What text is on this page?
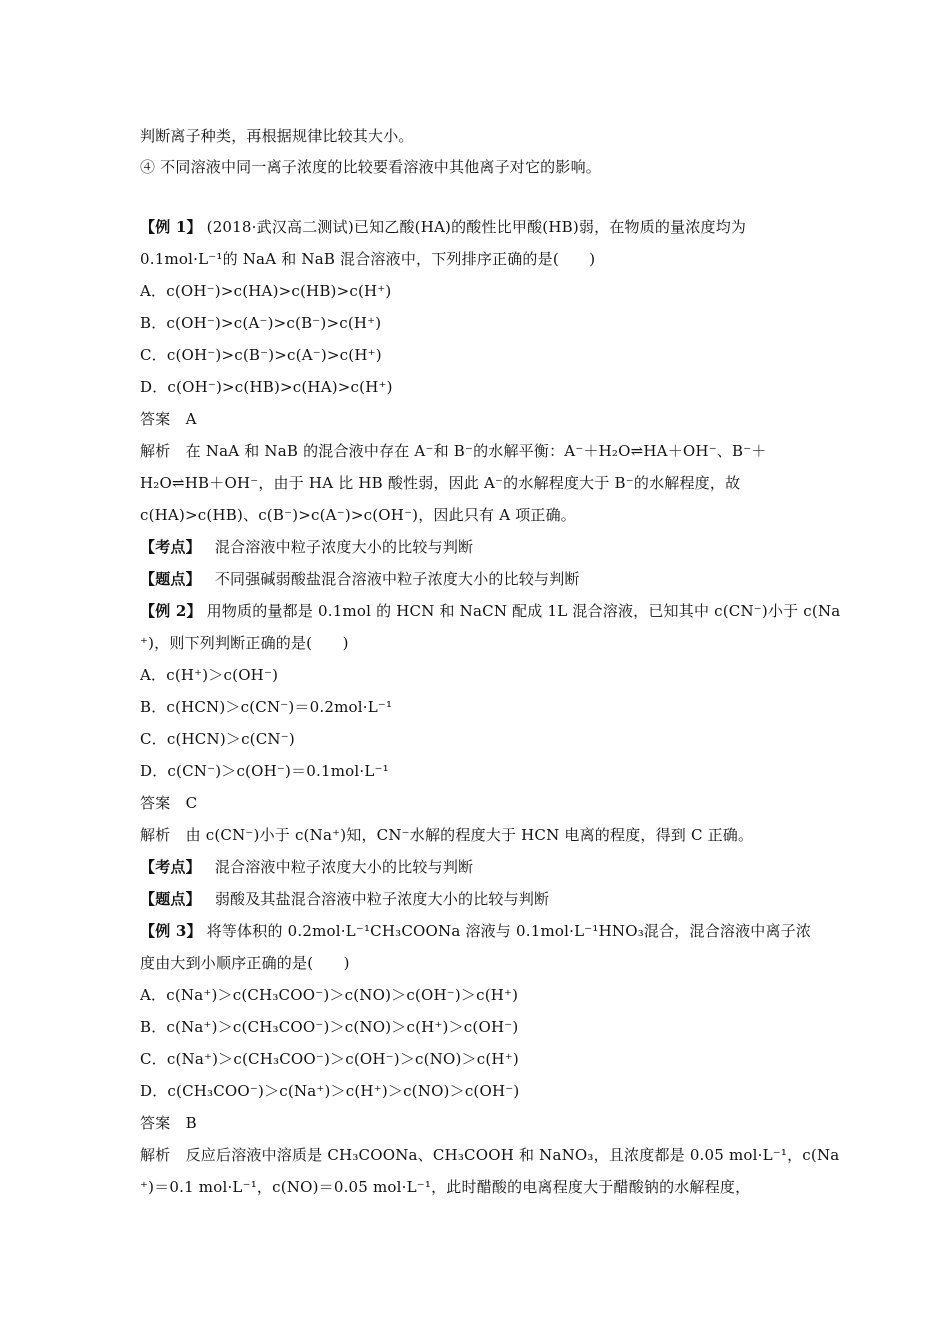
判断离子种类，再根据规律比较其大小。
④ 不同溶液中同一离子浓度的比较要看溶液中其他离子对它的影响。
【例 1】 (2018·武汉高二测试)已知乙酸(HA)的酸性比甲酸(HB)弱，在物质的量浓度均为
0.1mol·L⁻¹的 NaA 和 NaB 混合溶液中，下列排序正确的是(　　)
A．c(OH⁻)>c(HA)>c(HB)>c(H⁺)
B．c(OH⁻)>c(A⁻)>c(B⁻)>c(H⁺)
C．c(OH⁻)>c(B⁻)>c(A⁻)>c(H⁺)
D．c(OH⁻)>c(HB)>c(HA)>c(H⁺)
答案　A
解析　在 NaA 和 NaB 的混合液中存在 A⁻和 B⁻的水解平衡：A⁻＋H₂O⇌HA＋OH⁻、B⁻＋
H₂O⇌HB＋OH⁻，由于 HA 比 HB 酸性弱，因此 A⁻的水解程度大于 B⁻的水解程度，故
c(HA)>c(HB)、c(B⁻)>c(A⁻)>c(OH⁻)，因此只有 A 项正确。
【考点】 混合溶液中粒子浓度大小的比较与判断
【题点】 不同强碱弱酸盐混合溶液中粒子浓度大小的比较与判断
【例 2】 用物质的量都是 0.1mol 的 HCN 和 NaCN 配成 1L 混合溶液，已知其中 c(CN⁻)小于 c(Na
⁺)，则下列判断正确的是(　　)
A．c(H⁺)＞c(OH⁻)
B．c(HCN)＞c(CN⁻)＝0.2mol·L⁻¹
C．c(HCN)＞c(CN⁻)
D．c(CN⁻)＞c(OH⁻)＝0.1mol·L⁻¹
答案　C
解析　由 c(CN⁻)小于 c(Na⁺)知，CN⁻水解的程度大于 HCN 电离的程度，得到 C 正确。
【考点】 混合溶液中粒子浓度大小的比较与判断
【题点】 弱酸及其盐混合溶液中粒子浓度大小的比较与判断
【例 3】 将等体积的 0.2mol·L⁻¹CH₃COONa 溶液与 0.1mol·L⁻¹HNO₃混合，混合溶液中离子浓
度由大到小顺序正确的是(　　)
A．c(Na⁺)＞c(CH₃COO⁻)＞c(NO)＞c(OH⁻)＞c(H⁺)
B．c(Na⁺)＞c(CH₃COO⁻)＞c(NO)＞c(H⁺)＞c(OH⁻)
C．c(Na⁺)＞c(CH₃COO⁻)＞c(OH⁻)＞c(NO)＞c(H⁺)
D．c(CH₃COO⁻)＞c(Na⁺)＞c(H⁺)＞c(NO)＞c(OH⁻)
答案　B
解析　反应后溶液中溶质是 CH₃COONa、CH₃COOH 和 NaNO₃，且浓度都是 0.05 mol·L⁻¹，c(Na
⁺)＝0.1 mol·L⁻¹，c(NO)＝0.05 mol·L⁻¹，此时醋酸的电离程度大于醋酸钠的水解程度，
